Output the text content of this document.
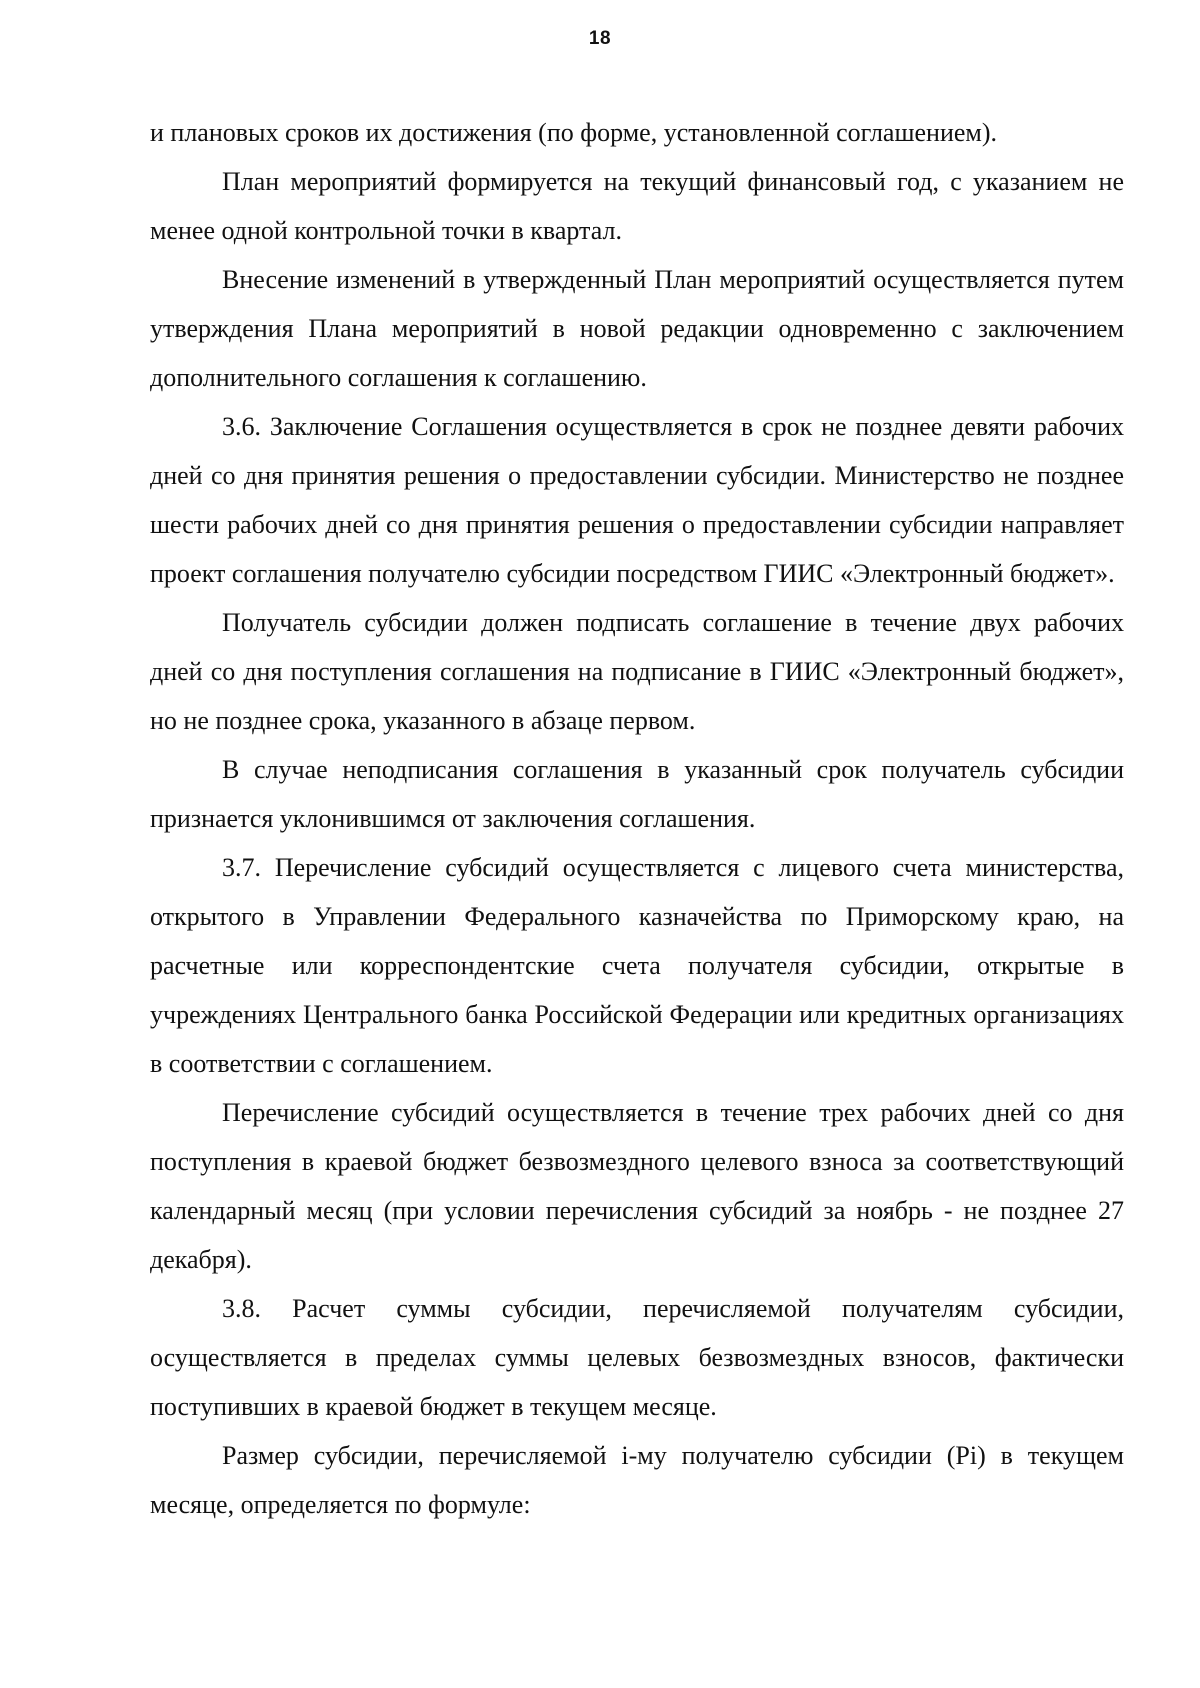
18

и плановых сроков их достижения (по форме, установленной соглашением).

План мероприятий формируется на текущий финансовый год, с указанием не менее одной контрольной точки в квартал.

Внесение изменений в утвержденный План мероприятий осуществляется путем утверждения Плана мероприятий в новой редакции одновременно с заключением дополнительного соглашения к соглашению.

3.6. Заключение Соглашения осуществляется в срок не позднее девяти рабочих дней со дня принятия решения о предоставлении субсидии. Министерство не позднее шести рабочих дней со дня принятия решения о предоставлении субсидии направляет проект соглашения получателю субсидии посредством ГИИС «Электронный бюджет».

Получатель субсидии должен подписать соглашение в течение двух рабочих дней со дня поступления соглашения на подписание в ГИИС «Электронный бюджет», но не позднее срока, указанного в абзаце первом.

В случае неподписания соглашения в указанный срок получатель субсидии признается уклонившимся от заключения соглашения.

3.7. Перечисление субсидий осуществляется с лицевого счета министерства, открытого в Управлении Федерального казначейства по Приморскому краю, на расчетные или корреспондентские счета получателя субсидии, открытые в учреждениях Центрального банка Российской Федерации или кредитных организациях в соответствии с соглашением.

Перечисление субсидий осуществляется в течение трех рабочих дней со дня поступления в краевой бюджет безвозмездного целевого взноса за соответствующий календарный месяц (при условии перечисления субсидий за ноябрь - не позднее 27 декабря).

3.8. Расчет суммы субсидии, перечисляемой получателям субсидии, осуществляется в пределах суммы целевых безвозмездных взносов, фактически поступивших в краевой бюджет в текущем месяце.

Размер субсидии, перечисляемой i-му получателю субсидии (Pi) в текущем месяце, определяется по формуле:
